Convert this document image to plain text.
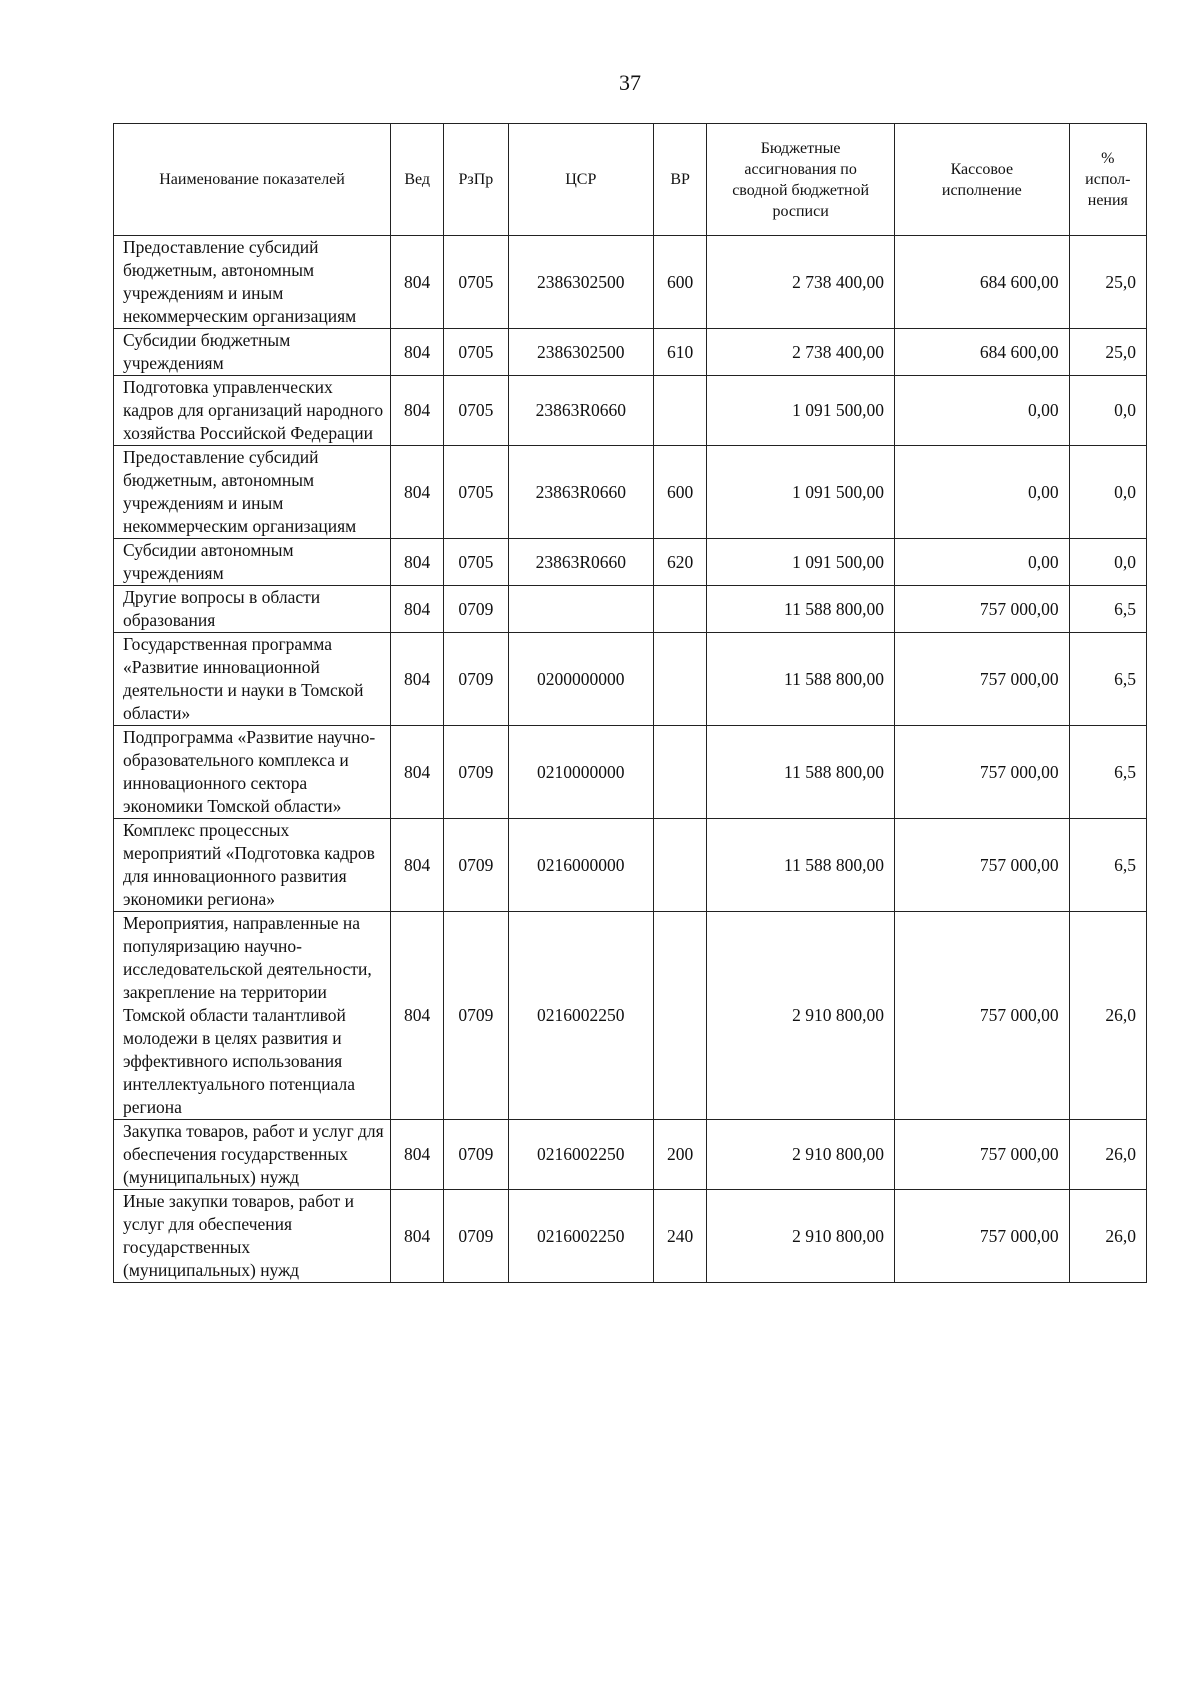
37
Наименование показателей	Вед	РзПр	ЦСР	ВР	Бюджетные ассигнования по сводной бюджетной росписи	Кассовое исполнение	% испол-нения
Предоставление субсидий бюджетным, автономным учреждениям и иным некоммерческим организациям	804	0705	2386302500	600	2 738 400,00	684 600,00	25,0
Субсидии бюджетным учреждениям	804	0705	2386302500	610	2 738 400,00	684 600,00	25,0
Подготовка управленческих кадров для организаций народного хозяйства Российской Федерации	804	0705	23863R0660		1 091 500,00	0,00	0,0
Предоставление субсидий бюджетным, автономным учреждениям и иным некоммерческим организациям	804	0705	23863R0660	600	1 091 500,00	0,00	0,0
Субсидии автономным учреждениям	804	0705	23863R0660	620	1 091 500,00	0,00	0,0
Другие вопросы в области образования	804	0709			11 588 800,00	757 000,00	6,5
Государственная программа «Развитие инновационной деятельности и науки в Томской области»	804	0709	0200000000		11 588 800,00	757 000,00	6,5
Подпрограмма «Развитие научно-образовательного комплекса и инновационного сектора экономики Томской области»	804	0709	0210000000		11 588 800,00	757 000,00	6,5
Комплекс процессных мероприятий «Подготовка кадров для инновационного развития экономики региона»	804	0709	0216000000		11 588 800,00	757 000,00	6,5
Мероприятия, направленные на популяризацию научно-исследовательской деятельности, закрепление на территории Томской области талантливой молодежи в целях развития и эффективного использования интеллектуального потенциала региона	804	0709	0216002250		2 910 800,00	757 000,00	26,0
Закупка товаров, работ и услуг для обеспечения государственных (муниципальных) нужд	804	0709	0216002250	200	2 910 800,00	757 000,00	26,0
Иные закупки товаров, работ и услуг для обеспечения государственных (муниципальных) нужд	804	0709	0216002250	240	2 910 800,00	757 000,00	26,0
